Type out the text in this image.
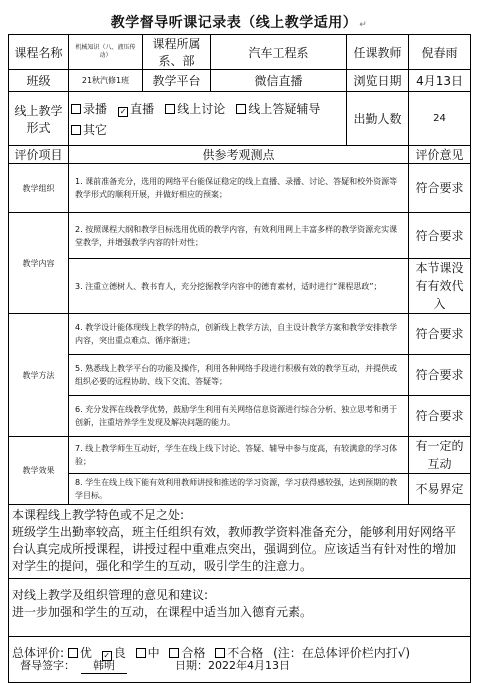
教学督导听课记录表（线上教学适用） ↵
课程名称	机械知识（八、液压传动）	课程所属系、部	汽车工程系	任课教师	倪春雨
班级	21秋汽修1班	教学平台	微信直播	浏览日期	4月13日
线上教学形式	录播 ✓ 直播 线上讨论 线上答疑辅导 其它			出勤人数	24
评价项目	供参考观测点				评价意见
教学组织	1. 课前准备充分，选用的网络平台能保证稳定的线上直播、录播、讨论、答疑和校外资源等教学形式的顺利开展，并做好相应的预案；				符合要求
教学内容	2. 按照课程大纲和教学目标选用优质的教学内容，有效利用网上丰富多样的教学资源充实课堂教学，并增强教学内容的针对性；				符合要求
	3. 注重立德树人、教书育人，充分挖掘教学内容中的德育素材，适时进行“课程思政”；				本节课没有有效代入
教学方法	4. 教学设计能体现线上教学的特点，创新线上教学方法，自主设计教学方案和教学安排教学内容，突出重点难点、循序渐进；				符合要求
	5. 熟悉线上教学平台的功能及操作，利用各种网络手段进行积极有效的教学互动，并提供或组织必要的远程协助、线下交流、答疑等；				符合要求
	6. 充分发挥在线教学优势，鼓励学生利用有关网络信息资源进行综合分析、独立思考和勇于创新，注重培养学生发现及解决问题的能力。				符合要求
教学效果	7. 线上教学师生互动好，学生在线上线下讨论、答疑、辅导中参与度高，有较满意的学习体验；				有一定的互动
	8. 学生在线上线下能有效利用教师讲授和推送的学习资源，学习获得感较强，达到预期的教学目标。				不易界定

本课程线上教学特色或不足之处:
班级学生出勤率较高，班主任组织有效，教师教学资料准备充分，能够利用好网络平台认真完成所授课程，讲授过程中重难点突出，强调到位。应该适当有针对性的增加对学生的提问，强化和学生的互动，吸引学生的注意力。					

对线上教学及组织管理的意见和建议:
进一步加强和学生的互动，在课程中适当加入德育元素。					

总体评价: 优 ✓ 良 中 合格 不合格 (注：在总体评价栏内打√)					
督导签字： 韩明	日期：2022年4月13日
